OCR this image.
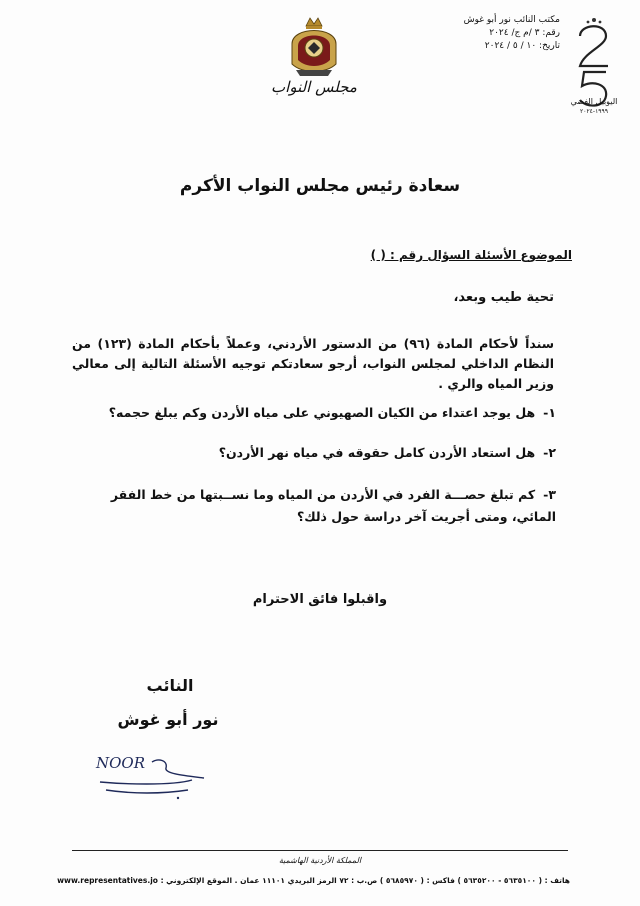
مكتب النائب نور أبو غوش
رقم: ٣ /م ج/ ٢٠٢٤
تاريخ: ١٠ / ٥ / ٢٠٢٤
اليوبيل الفضي
١٩٩٩-٢٠٢٤
مجلس النواب
سعادة رئيس مجلس النواب الأكرم
الموضوع الأسئلة السؤال رقم : ( )
تحية طيب وبعد،
سنداً لأحكام المادة (٩٦) من الدستور الأردني، وعملاً بأحكام المادة (١٢٣) من النظام الداخلي لمجلس النواب، أرجو سعادتكم توجيه الأسئلة التالية إلى معالي وزير المياه والري .
١-هل يوجد اعتداء من الكيان الصهيوني على مياه الأردن وكم يبلغ حجمه؟
٢-هل استعاد الأردن كامل حقوقه في مياه نهر الأردن؟
٣-كم تبلغ حصـــة الفرد في الأردن من المياه وما نســبتها من خط الفقر المائي، ومتى أجريت آخر دراسة حول ذلك؟
واقبلوا فائق الاحترام
النائب
نور أبو غوش
NOOR
المملكة الأردنية الهاشمية
هاتف : ( ٥٦٣٥١٠٠ - ٥٦٣٥٢٠٠ ) فاكس : ( ٥٦٨٥٩٧٠ ) ص.ب : ٧٢ الرمز البريدي ١١١٠١ عمان . الموقع الإلكتروني : www.representatives.jo
